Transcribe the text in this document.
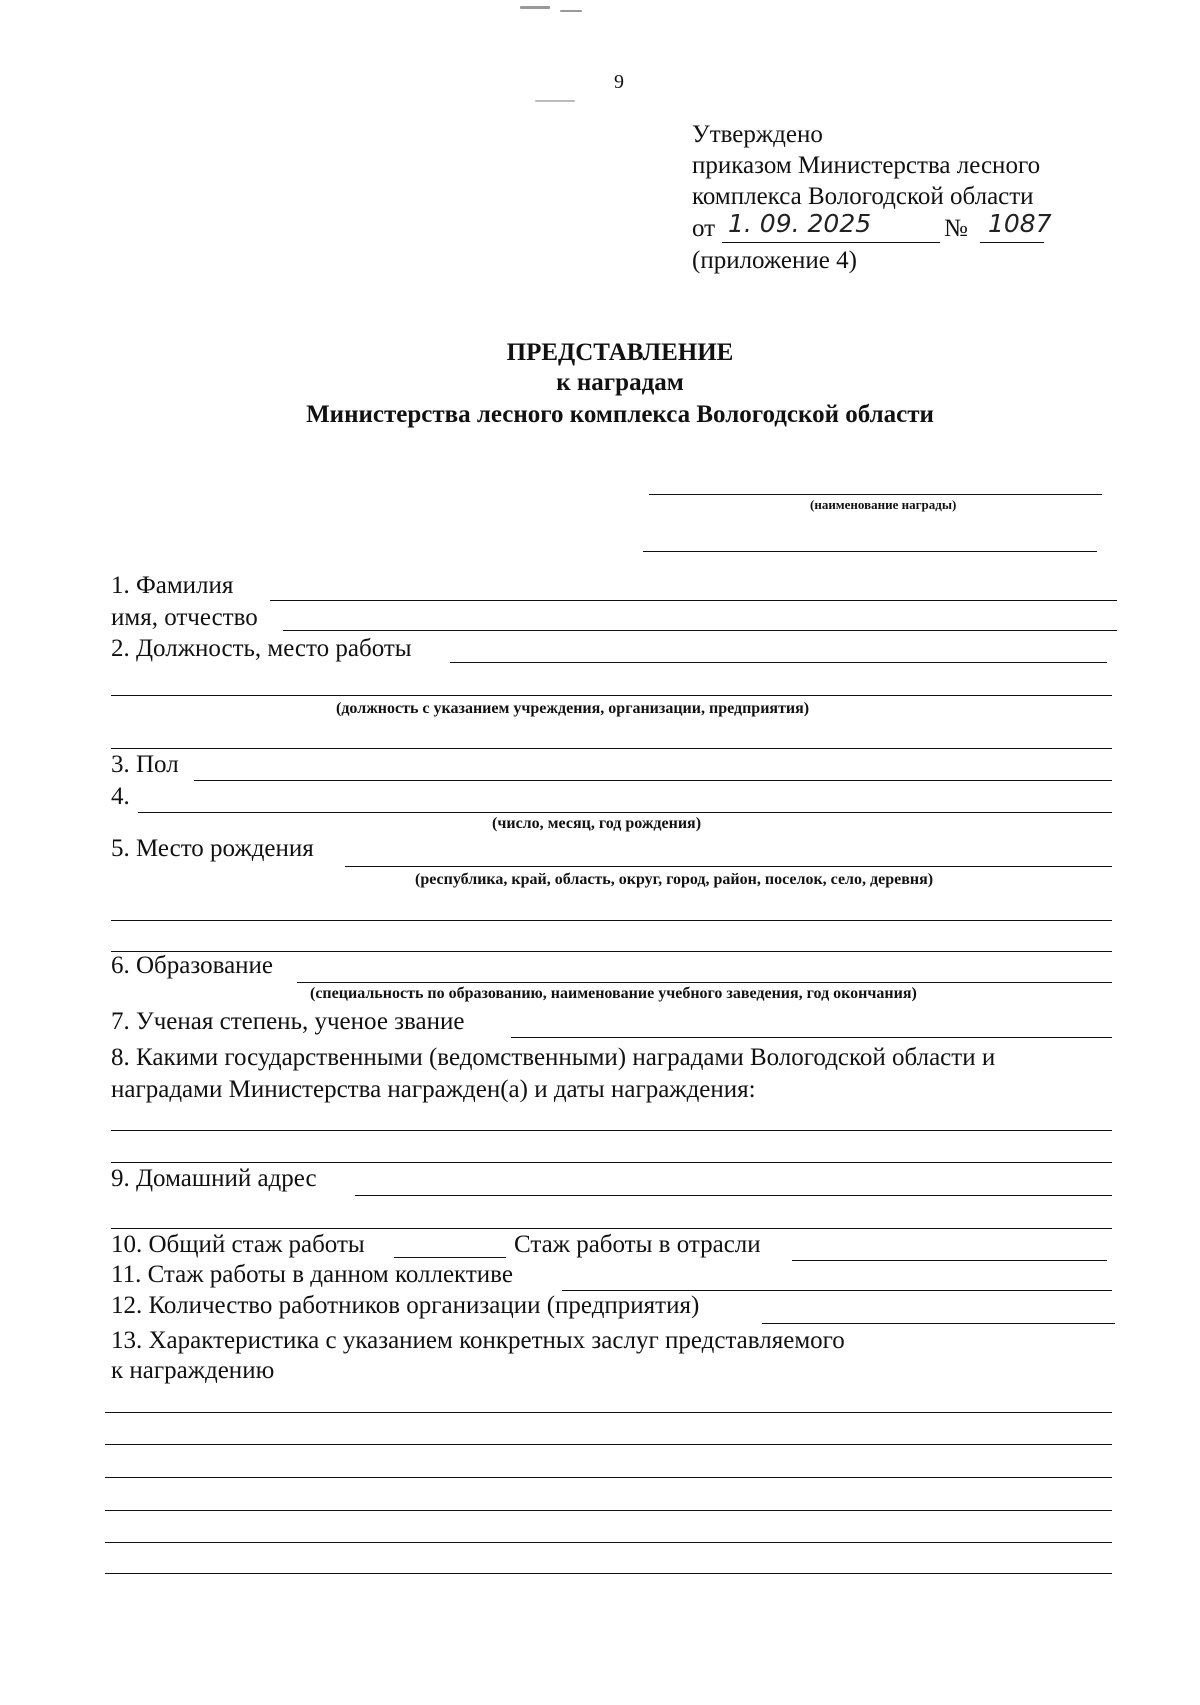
9
Утверждено
приказом Министерства лесного
комплекса Вологодской области
от 1. 09. 2025	№ 1087
(приложение 4)
ПРЕДСТАВЛЕНИЕ
к наградам
Министерства лесного комплекса Вологодской области
(наименование награды)
1. Фамилия
имя, отчество
2. Должность, место работы
(должность с указанием учреждения, организации, предприятия)
3. Пол
4.
(число, месяц, год рождения)
5. Место рождения
(республика, край, область, округ, город, район, поселок, село, деревня)
6. Образование
(специальность по образованию, наименование учебного заведения, год окончания)
7. Ученая степень, ученое звание
8. Какими государственными (ведомственными) наградами Вологодской области и
наградами Министерства награжден(а) и даты награждения:
9. Домашний адрес
10. Общий стаж работы	Стаж работы в отрасли
11. Стаж работы в данном коллективе
12. Количество работников организации (предприятия)
13. Характеристика с указанием конкретных заслуг представляемого
к награждению
